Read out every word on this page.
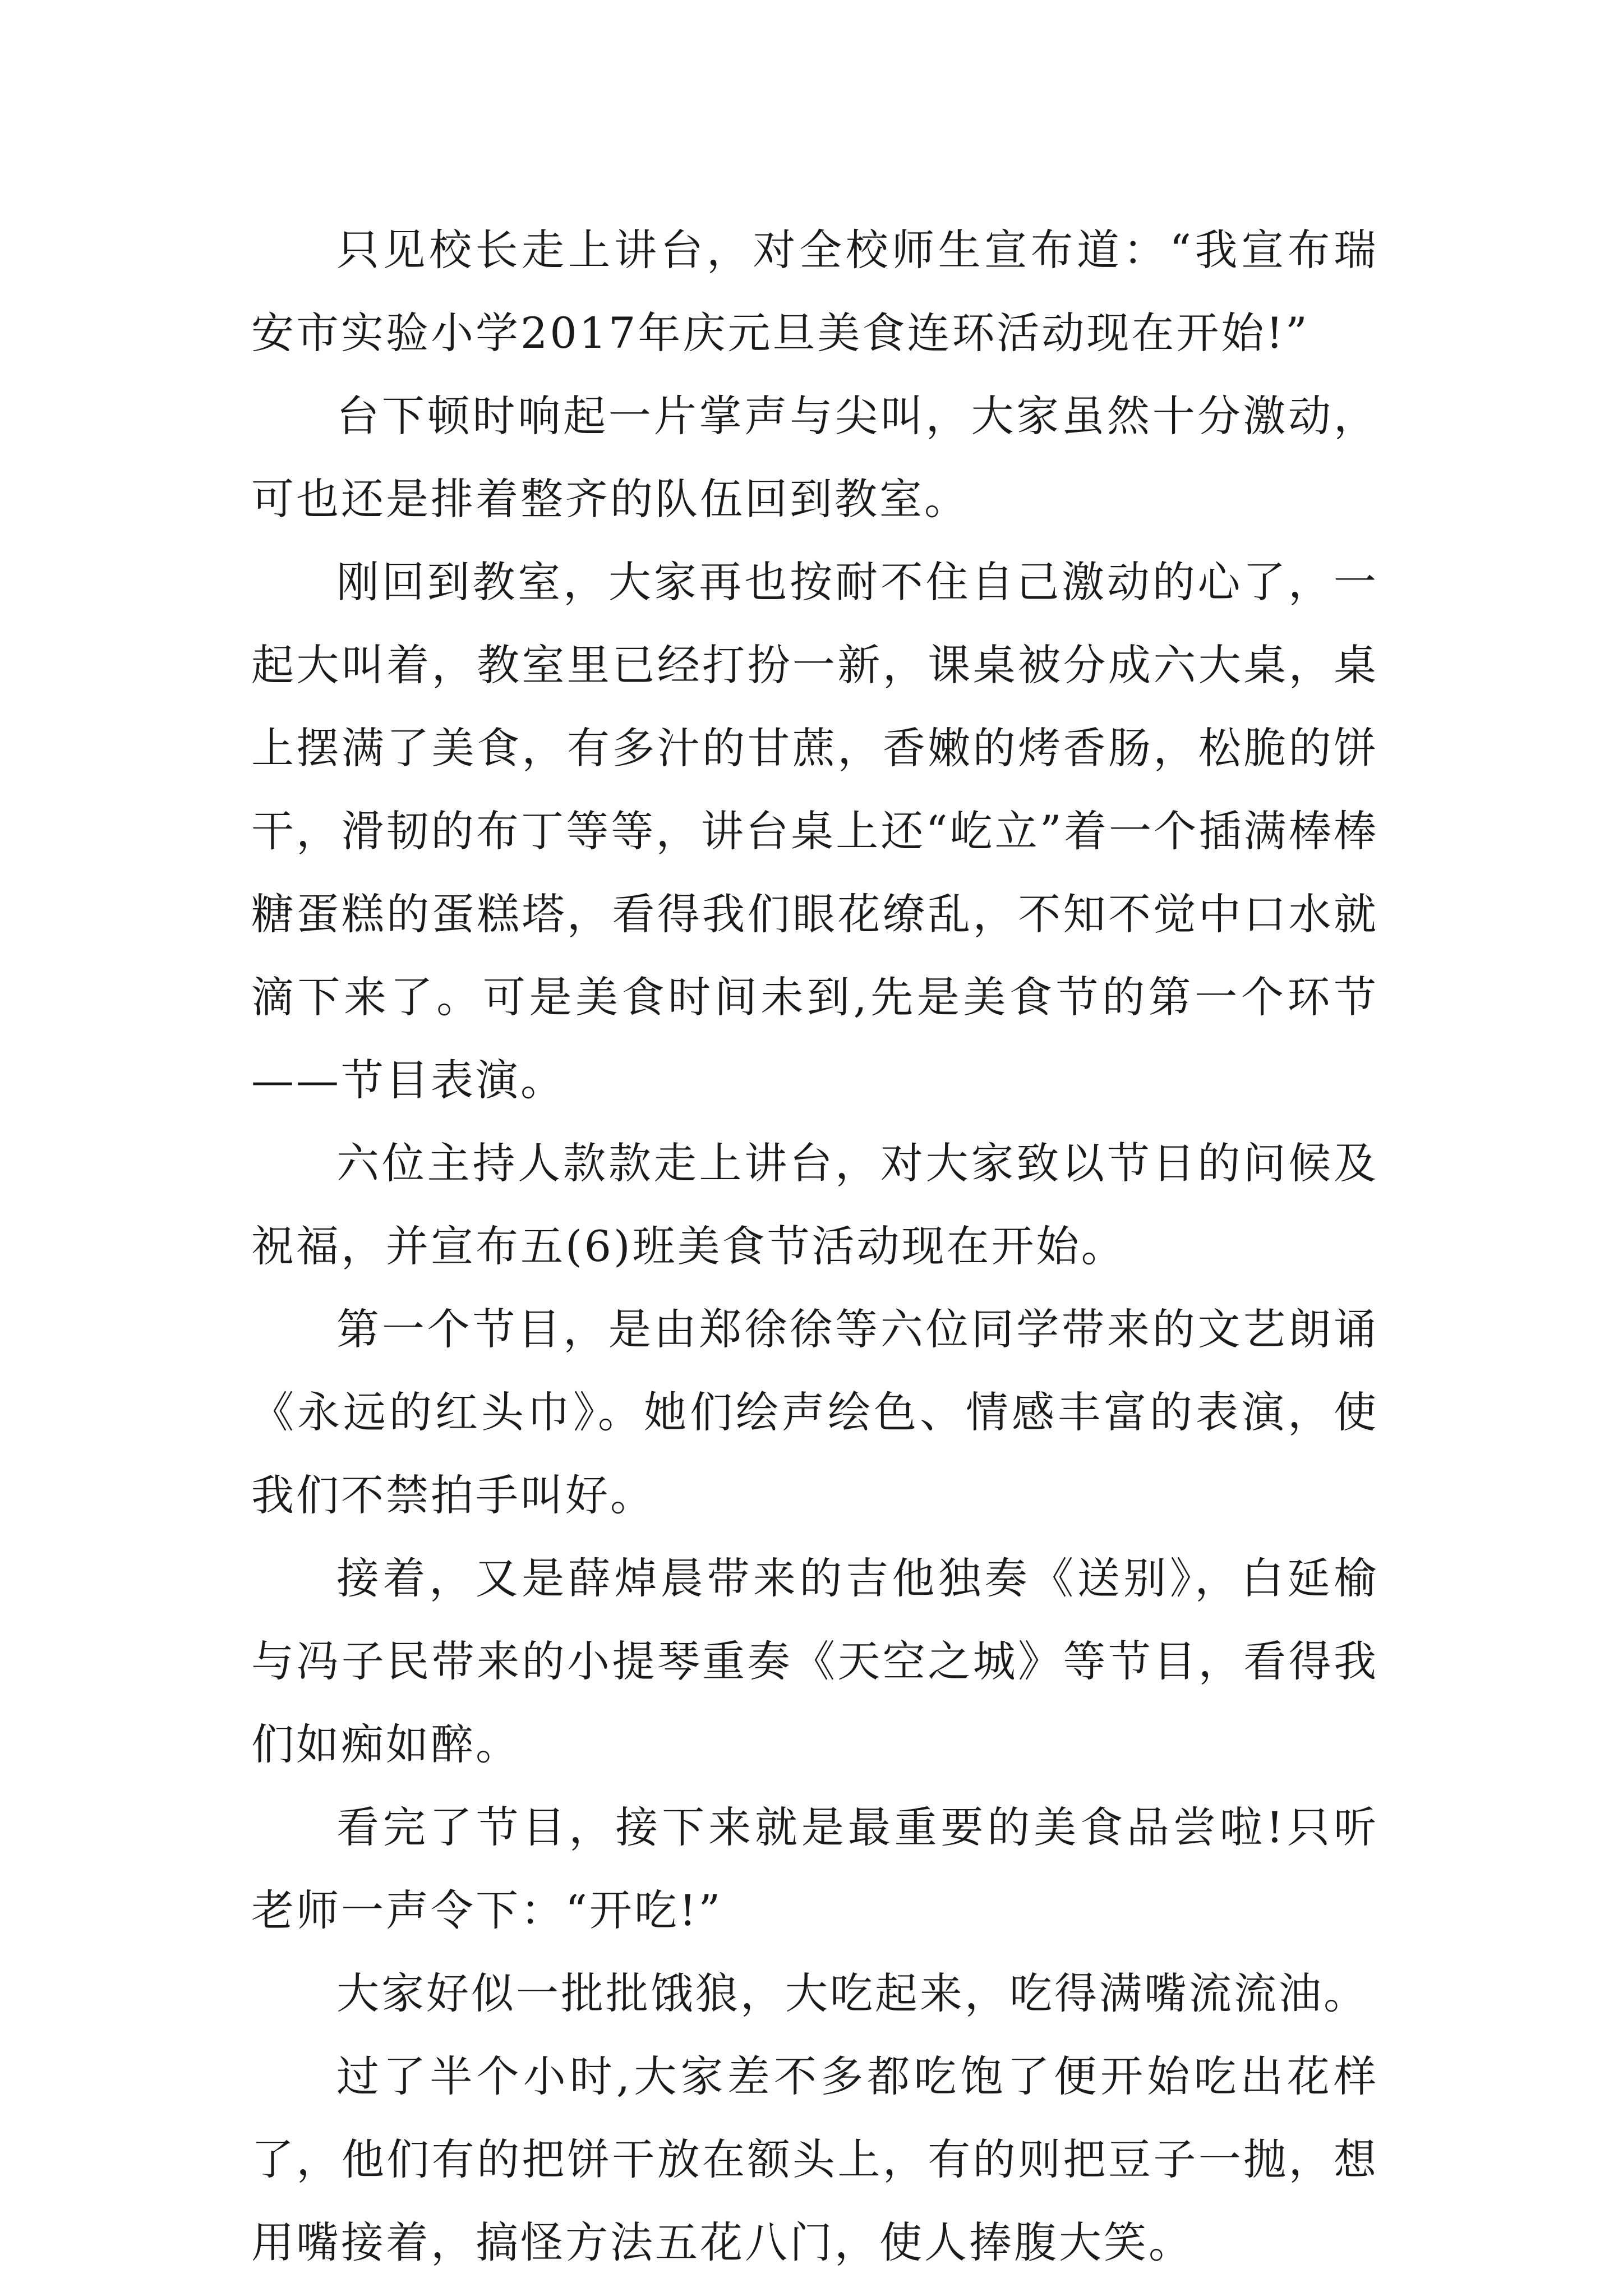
只见校长走上讲台，对全校师生宣布道：“我宣布瑞安市实验小学2017年庆元旦美食连环活动现在开始!”

台下顿时响起一片掌声与尖叫，大家虽然十分激动，可也还是排着整齐的队伍回到教室。

刚回到教室，大家再也按耐不住自己激动的心了，一起大叫着，教室里已经打扮一新，课桌被分成六大桌，桌上摆满了美食，有多汁的甘蔗，香嫩的烤香肠，松脆的饼干，滑韧的布丁等等，讲台桌上还“屹立”着一个插满棒棒糖蛋糕的蛋糕塔，看得我们眼花缭乱，不知不觉中口水就滴下来了。可是美食时间未到,先是美食节的第一个环节——节目表演。

六位主持人款款走上讲台，对大家致以节日的问候及祝福，并宣布五(6)班美食节活动现在开始。

第一个节目，是由郑徐徐等六位同学带来的文艺朗诵《永远的红头巾》。她们绘声绘色、情感丰富的表演，使我们不禁拍手叫好。

接着，又是薛焯晨带来的吉他独奏《送别》，白延榆与冯子民带来的小提琴重奏《天空之城》等节目，看得我们如痴如醉。

看完了节目，接下来就是最重要的美食品尝啦!只听老师一声令下：“开吃!”

大家好似一批批饿狼，大吃起来，吃得满嘴流流油。

过了半个小时,大家差不多都吃饱了便开始吃出花样了，他们有的把饼干放在额头上，有的则把豆子一抛，想用嘴接着，搞怪方法五花八门，使人捧腹大笑。
